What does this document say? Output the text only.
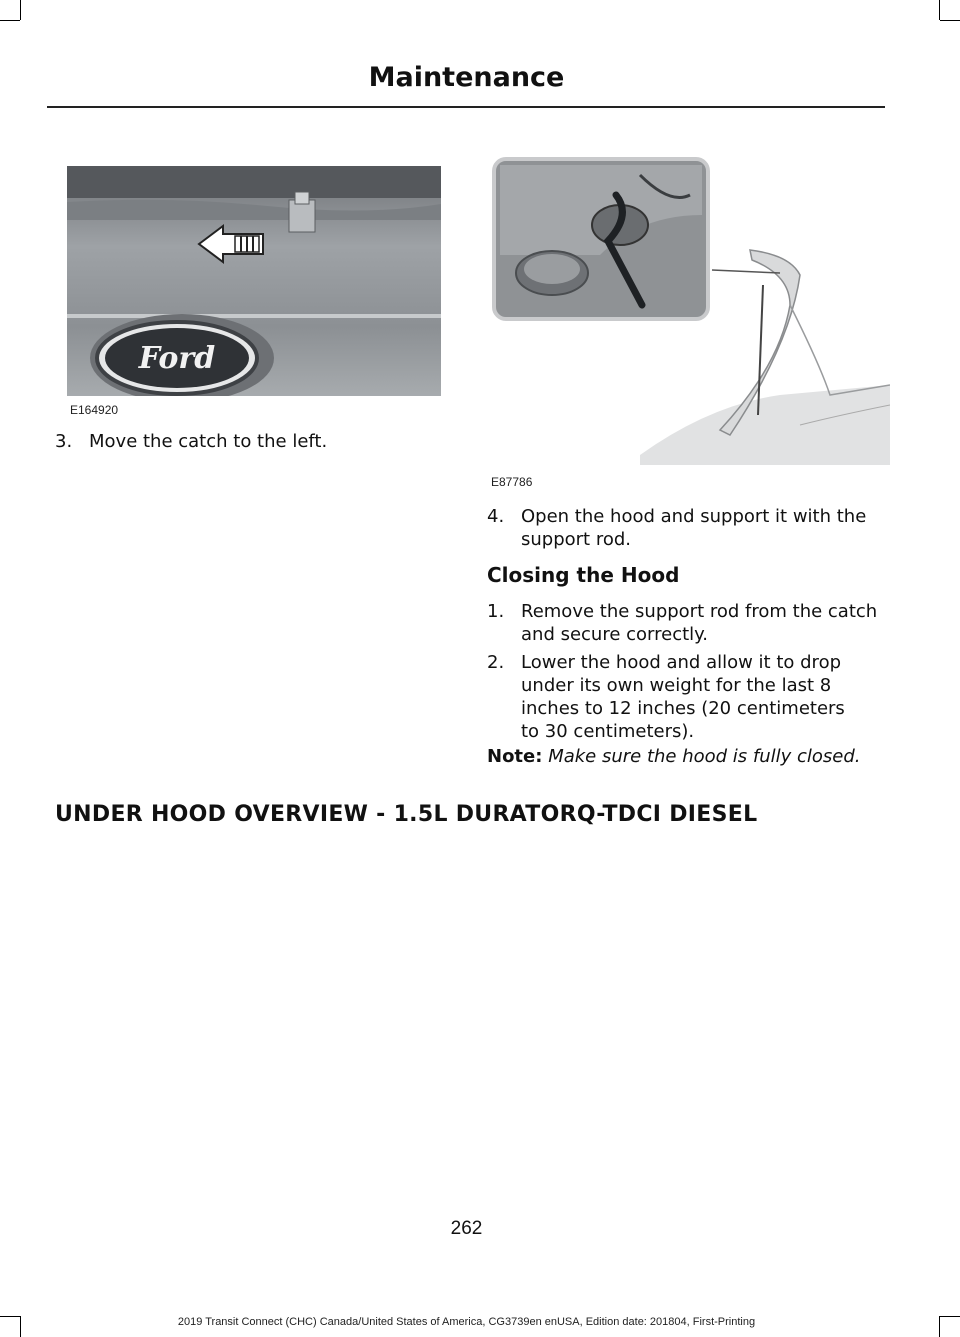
Maintenance
Ford
E164920
E87786
3. Move the catch to the left.
4. Open the hood and support it with the
support rod.
Closing the Hood
1. Remove the support rod from the catch
and secure correctly.
2. Lower the hood and allow it to drop
under its own weight for the last 8
inches to 12 inches (20 centimeters
to 30 centimeters).
Note: Make sure the hood is fully closed.
UNDER HOOD OVERVIEW - 1.5L DURATORQ-TDCI DIESEL
262
2019 Transit Connect (CHC) Canada/United States of America, CG3739en enUSA, Edition date: 201804, First-Printing
